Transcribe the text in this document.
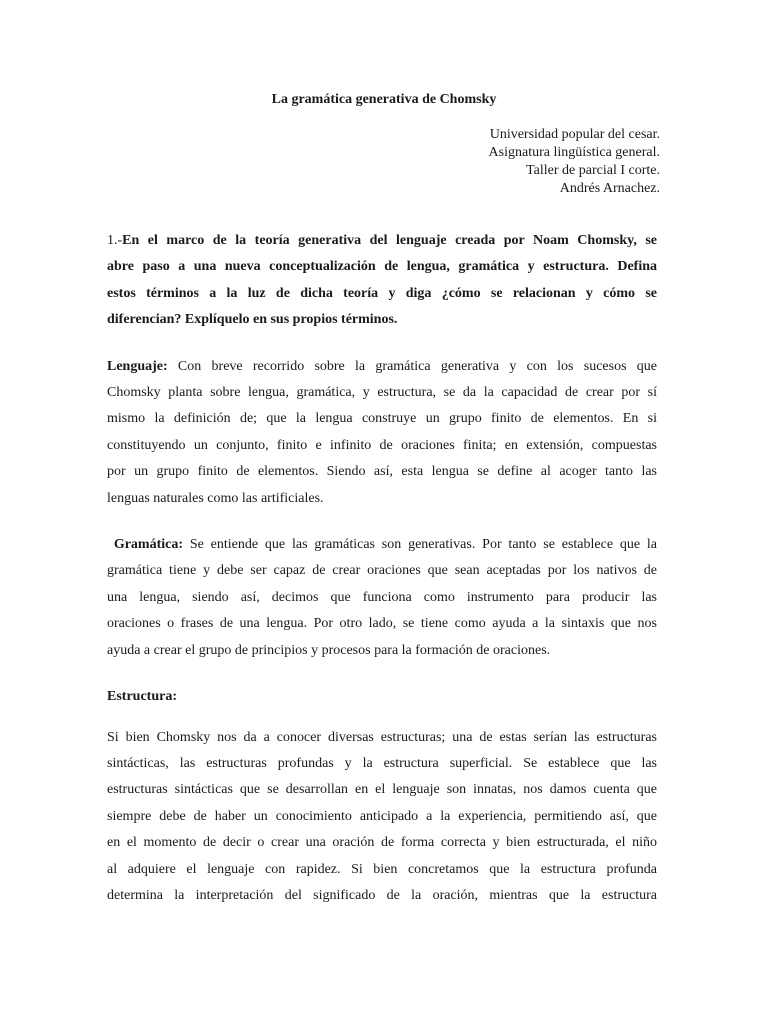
La gramática generativa de Chomsky
Universidad popular del cesar.
Asignatura lingüística general.
Taller de parcial I corte.
Andrés Arnachez.
1.-En el marco de la teoría generativa del lenguaje creada por Noam Chomsky, se
abre paso a una nueva conceptualización de lengua, gramática y estructura. Defina
estos términos a la luz de dicha teoría y diga ¿cómo se relacionan y cómo se
diferencian? Explíquelo en sus propios términos.
Lenguaje: Con breve recorrido sobre la gramática generativa y con los sucesos que
Chomsky planta sobre lengua, gramática, y estructura, se da la capacidad de crear por sí
mismo la definición de; que la lengua construye un grupo finito de elementos. En si
constituyendo un conjunto, finito e infinito de oraciones finita; en extensión, compuestas
por un grupo finito de elementos. Siendo así, esta lengua se define al acoger tanto las
lenguas naturales como las artificiales.
Gramática: Se entiende que las gramáticas son generativas. Por tanto se establece que la
gramática tiene y debe ser capaz de crear oraciones que sean aceptadas por los nativos de
una lengua, siendo así, decimos que funciona como instrumento para producir las
oraciones o frases de una lengua. Por otro lado, se tiene como ayuda a la sintaxis que nos
ayuda a crear el grupo de principios y procesos para la formación de oraciones.
Estructura:
Si bien Chomsky nos da a conocer diversas estructuras; una de estas serían las estructuras
sintácticas, las estructuras profundas y la estructura superficial. Se establece que las
estructuras sintácticas que se desarrollan en el lenguaje son innatas, nos damos cuenta que
siempre debe de haber un conocimiento anticipado a la experiencia, permitiendo así, que
en el momento de decir o crear una oración de forma correcta y bien estructurada, el niño
al adquiere el lenguaje con rapidez. Si bien concretamos que la estructura profunda
determina la interpretación del significado de la oración, mientras que la estructura
